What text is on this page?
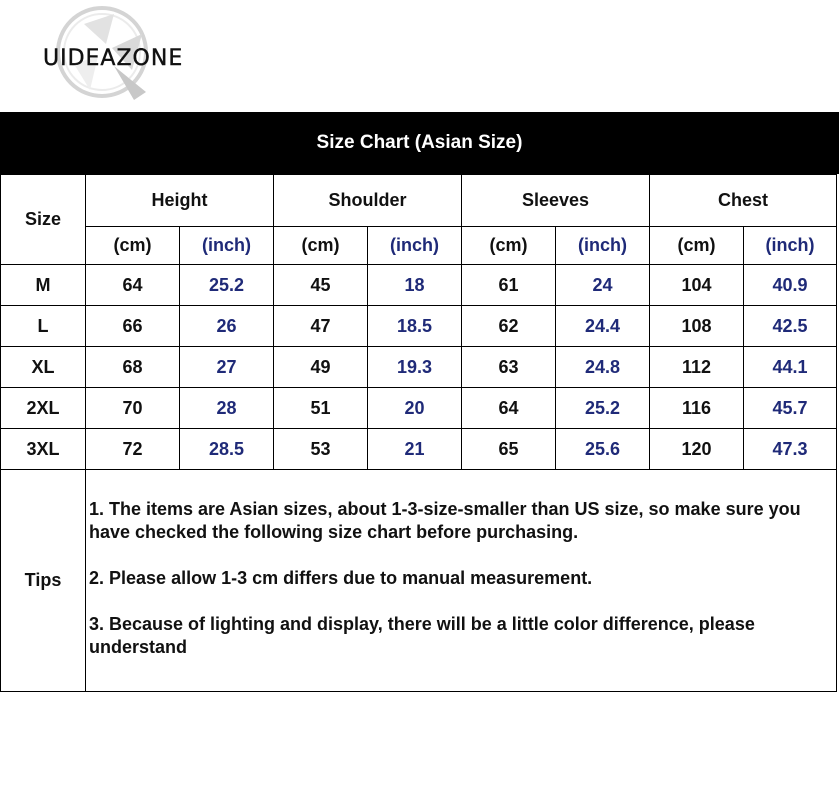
UIDEAZONE
Size Chart (Asian Size)
Size	Height		Shoulder		Sleeves		Chest	
	(cm)	(inch)	(cm)	(inch)	(cm)	(inch)	(cm)	(inch)
M	64	25.2	45	18	61	24	104	40.9
L	66	26	47	18.5	62	24.4	108	42.5
XL	68	27	49	19.3	63	24.8	112	44.1
2XL	70	28	51	20	64	25.2	116	45.7
3XL	72	28.5	53	21	65	25.6	120	47.3
Tips	1. The items are Asian sizes, about 1-3-size-smaller than US size, so make sure you have checked the following size chart before purchasing.

2. Please allow 1-3 cm differs due to manual measurement.

3. Because of lighting and display, there will be a little color difference, please understand							
